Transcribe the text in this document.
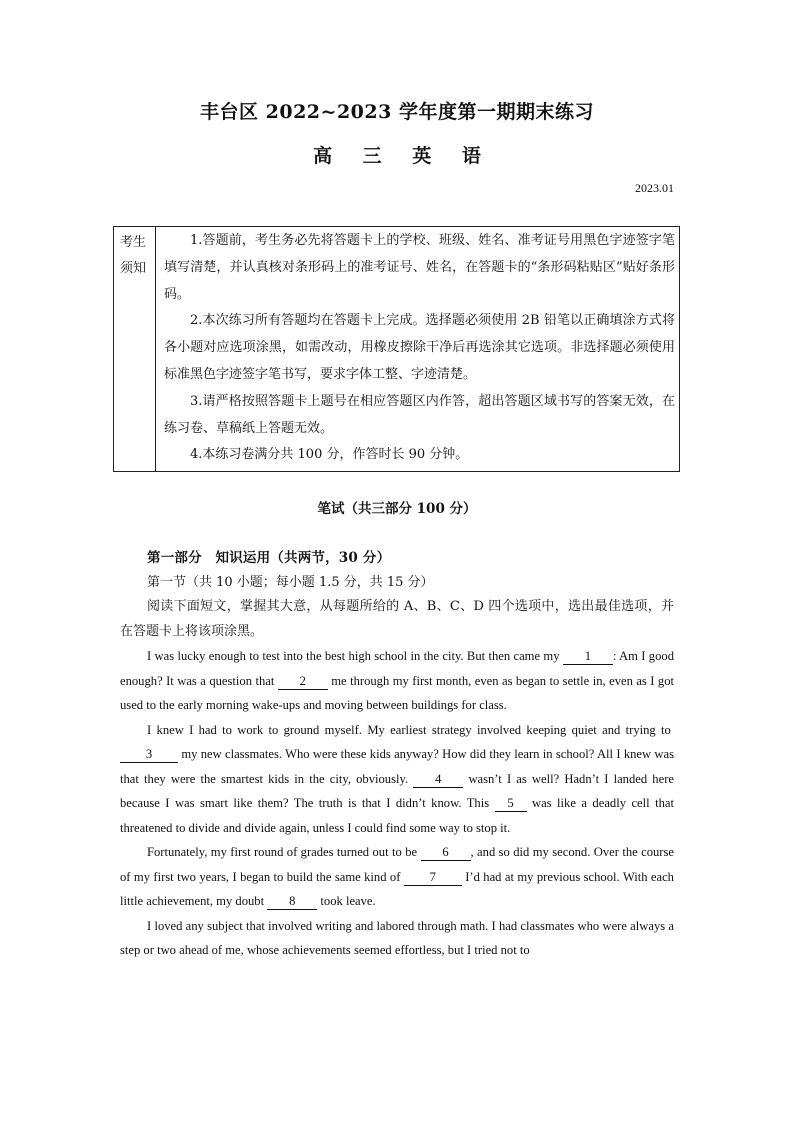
丰台区 2022~2023 学年度第一期期末练习
高 三 英 语
2023.01
考生须知

1.答题前，考生务必先将答题卡上的学校、班级、姓名、准考证号用黑色字迹签字笔填写清楚，并认真核对条形码上的准考证号、姓名，在答题卡的“条形码粘贴区”贴好条形码。

2.本次练习所有答题均在答题卡上完成。选择题必须使用 2B 铅笔以正确填涂方式将各小题对应选项涂黑，如需改动，用橡皮擦除干净后再选涂其它选项。非选择题必须使用标准黑色字迹签字笔书写，要求字体工整、字迹清楚。

3.请严格按照答题卡上题号在相应答题区内作答，超出答题区域书写的答案无效，在练习卷、草稿纸上答题无效。

4.本练习卷满分共 100 分，作答时长 90 分钟。

笔试（共三部分 100 分）
第一部分　知识运用（共两节，30 分）
第一节（共 10 小题；每小题 1.5 分，共 15 分）

阅读下面短文，掌握其大意，从每题所给的 A、B、C、D 四个选项中，选出最佳选项，并在答题卡上将该项涂黑。

I was lucky enough to test into the best high school in the city. But then came my 1 : Am I good enough? It was a question that 2 me through my first month, even as began to settle in, even as I got used to the early morning wake-ups and moving between buildings for class.

I knew I had to work to ground myself. My earliest strategy involved keeping quiet and trying to 3 my new classmates. Who were these kids anyway? How did they learn in school? All I knew was that they were the smartest kids in the city, obviously. 4 wasn’t I as well? Hadn’t I landed here because I was smart like them? The truth is that I didn’t know. This 5 was like a deadly cell that threatened to divide and divide again, unless I could find some way to stop it.

Fortunately, my first round of grades turned out to be 6 , and so did my second. Over the course of my first two years, I began to build the same kind of 7 I’d had at my previous school. With each little achievement, my doubt 8 took leave.

I loved any subject that involved writing and labored through math. I had classmates who were always a step or two ahead of me, whose achievements seemed effortless, but I tried not to
